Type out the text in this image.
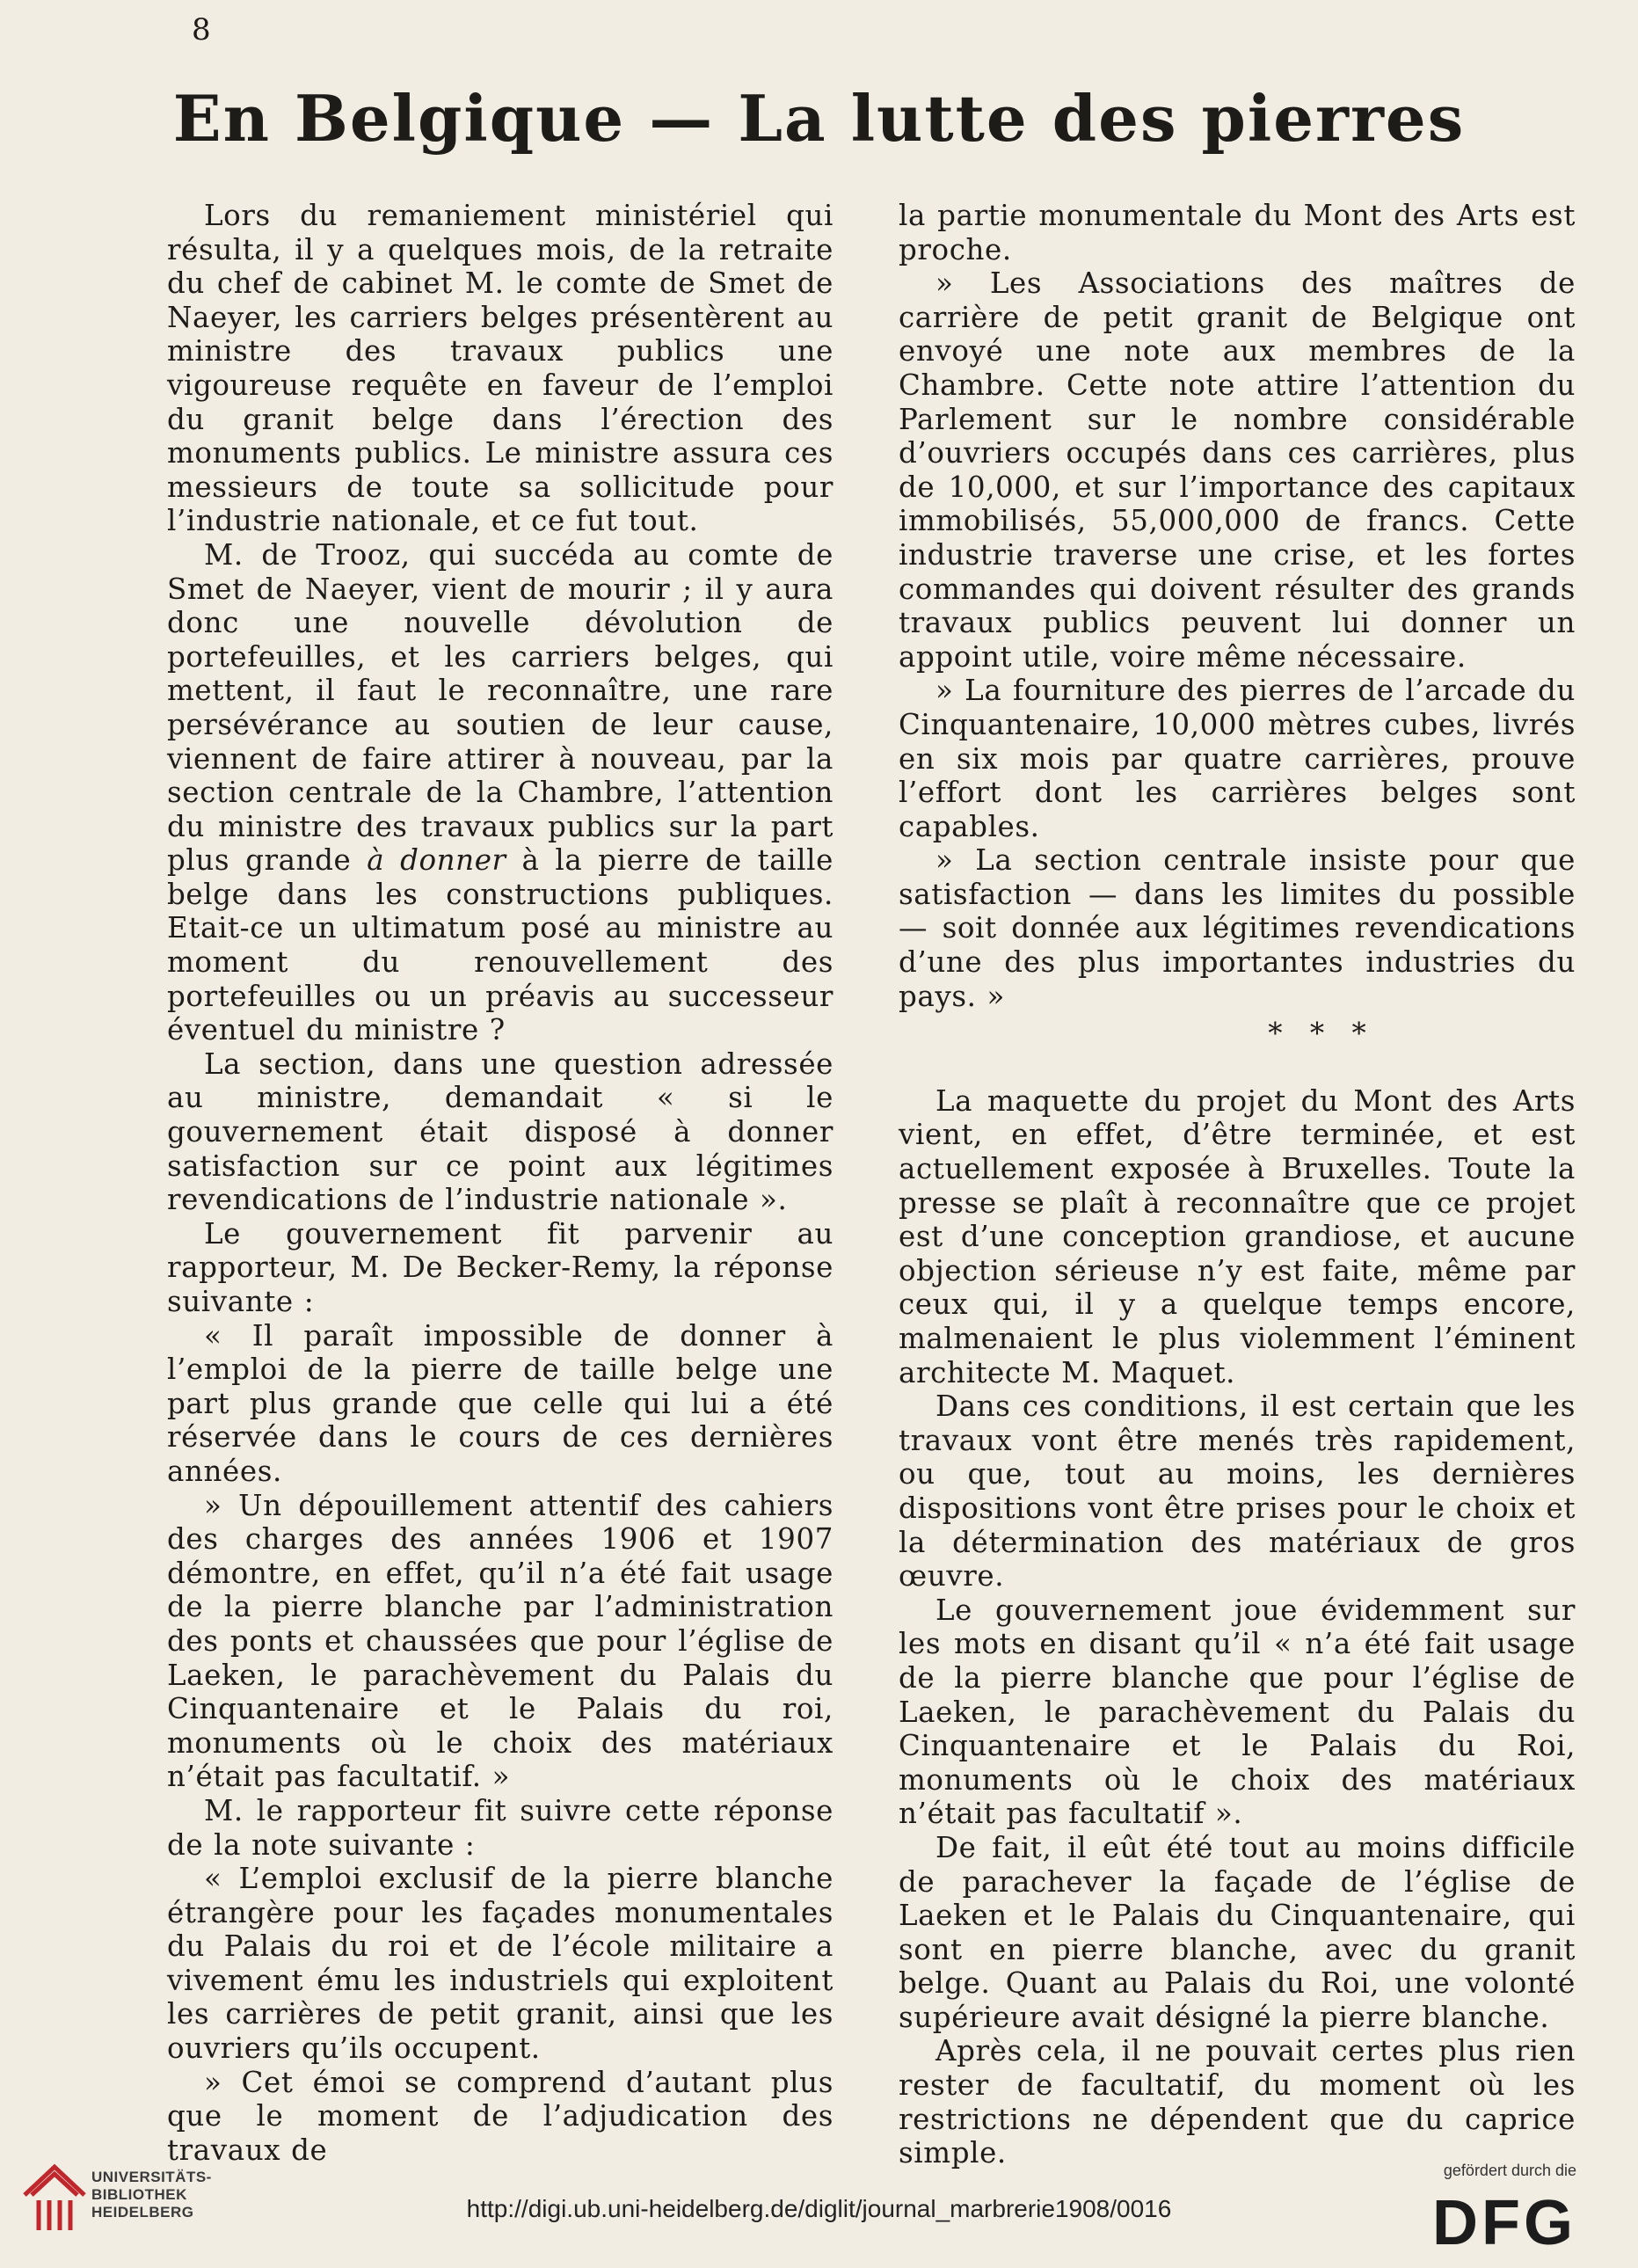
8
En Belgique — La lutte des pierres

Lors du remaniement ministériel qui résulta, il y a quelques mois, de la retraite du chef de cabinet M. le comte de Smet de Naeyer, les carriers belges présentèrent au ministre des travaux publics une vigoureuse requête en faveur de l’emploi du granit belge dans l’érection des monuments publics. Le ministre assura ces messieurs de toute sa sollicitude pour l’industrie nationale, et ce fut tout.

M. de Trooz, qui succéda au comte de Smet de Naeyer, vient de mourir ; il y aura donc une nouvelle dévolution de portefeuilles, et les carriers belges, qui mettent, il faut le reconnaître, une rare persévérance au soutien de leur cause, viennent de faire attirer à nouveau, par la section centrale de la Chambre, l’attention du ministre des travaux publics sur la part plus grande à donner à la pierre de taille belge dans les constructions publiques. Etait-ce un ultimatum posé au ministre au moment du renouvellement des portefeuilles ou un préavis au successeur éventuel du ministre ?

La section, dans une question adressée au ministre, demandait « si le gouvernement était disposé à donner satisfaction sur ce point aux légitimes revendications de l’industrie nationale ».

Le gouvernement fit parvenir au rapporteur, M. De Becker-Remy, la réponse suivante :

« Il paraît impossible de donner à l’emploi de la pierre de taille belge une part plus grande que celle qui lui a été réservée dans le cours de ces dernières années.

» Un dépouillement attentif des cahiers des charges des années 1906 et 1907 démontre, en effet, qu’il n’a été fait usage de la pierre blanche par l’administration des ponts et chaussées que pour l’église de Laeken, le parachèvement du Palais du Cinquantenaire et le Palais du roi, monuments où le choix des matériaux n’était pas facultatif. »

M. le rapporteur fit suivre cette réponse de la note suivante :

« L’emploi exclusif de la pierre blanche étrangère pour les façades monumentales du Palais du roi et de l’école militaire a vivement ému les industriels qui exploitent les carrières de petit granit, ainsi que les ouvriers qu’ils occupent.

» Cet émoi se comprend d’autant plus que le moment de l’adjudication des travaux de

la partie monumentale du Mont des Arts est proche.

» Les Associations des maîtres de carrière de petit granit de Belgique ont envoyé une note aux membres de la Chambre. Cette note attire l’attention du Parlement sur le nombre considérable d’ouvriers occupés dans ces carrières, plus de 10,000, et sur l’importance des capitaux immobilisés, 55,000,000 de francs. Cette industrie traverse une crise, et les fortes commandes qui doivent résulter des grands travaux publics peuvent lui donner un appoint utile, voire même nécessaire.

» La fourniture des pierres de l’arcade du Cinquantenaire, 10,000 mètres cubes, livrés en six mois par quatre carrières, prouve l’effort dont les carrières belges sont capables.

» La section centrale insiste pour que satisfaction — dans les limites du possible — soit donnée aux légitimes revendications d’une des plus importantes industries du pays. »

* * *

La maquette du projet du Mont des Arts vient, en effet, d’être terminée, et est actuellement exposée à Bruxelles. Toute la presse se plaît à reconnaître que ce projet est d’une conception grandiose, et aucune objection sérieuse n’y est faite, même par ceux qui, il y a quelque temps encore, malmenaient le plus violemment l’éminent architecte M. Maquet.

Dans ces conditions, il est certain que les travaux vont être menés très rapidement, ou que, tout au moins, les dernières dispositions vont être prises pour le choix et la détermination des matériaux de gros œuvre.

Le gouvernement joue évidemment sur les mots en disant qu’il « n’a été fait usage de la pierre blanche que pour l’église de Laeken, le parachèvement du Palais du Cinquantenaire et le Palais du Roi, monuments où le choix des matériaux n’était pas facultatif ».

De fait, il eût été tout au moins difficile de parachever la façade de l’église de Laeken et le Palais du Cinquantenaire, qui sont en pierre blanche, avec du granit belge. Quant au Palais du Roi, une volonté supérieure avait désigné la pierre blanche.

Après cela, il ne pouvait certes plus rien rester de facultatif, du moment où les restrictions ne dépendent que du caprice simple.

UNIVERSITÄTS-
BIBLIOTHEK
HEIDELBERG	http://digi.ub.uni-heidelberg.de/diglit/journal_marbrerie1908/0016
gefördert durch die
DFG
